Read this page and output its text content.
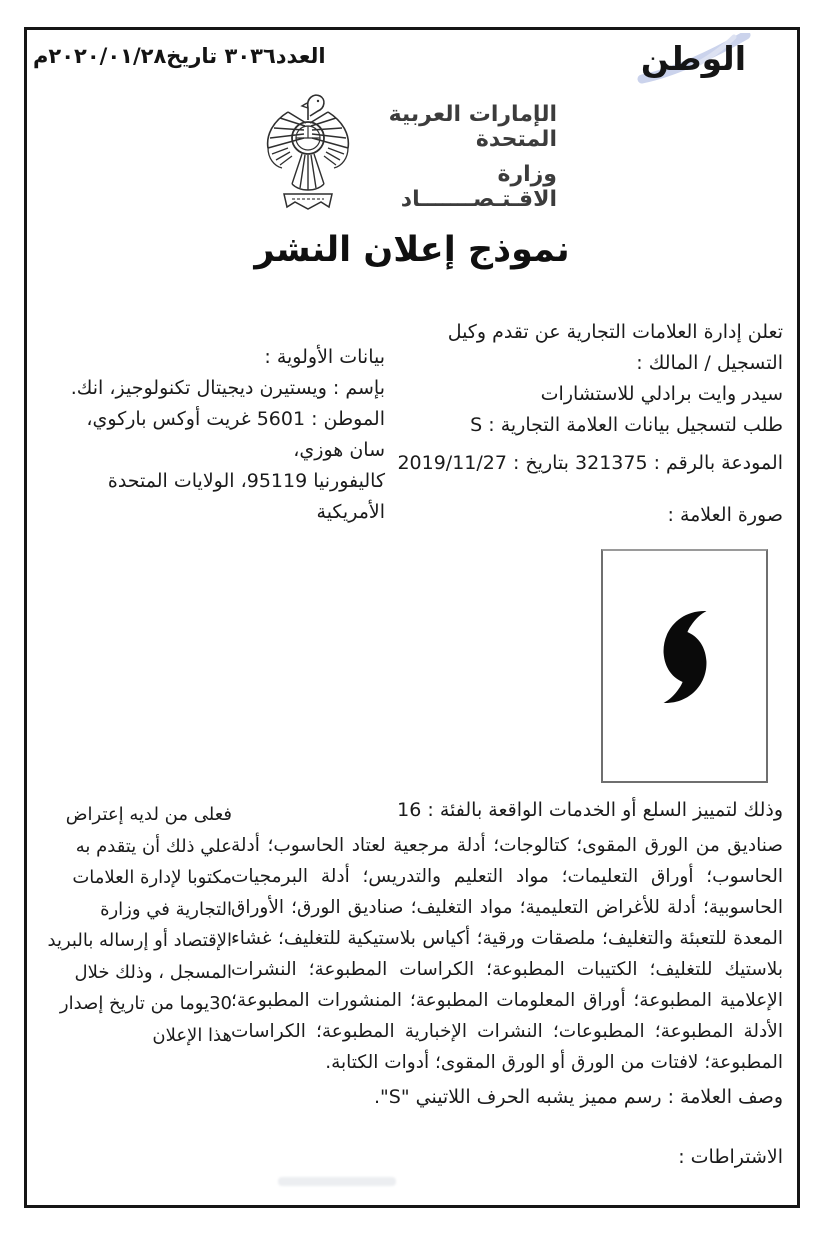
العدد٣٠٣٦ تاريخ٢٠٢٠/٠١/٢٨م	الوطن
الإمارات العربية المتحدة
وزارة الاقـتـصـــــــاد
نموذج إعلان النشر
تعلن إدارة العلامات التجارية عن تقدم وكيل التسجيل / المالك :
سيدر وايت برادلي للاستشارات
طلب لتسجيل بيانات العلامة التجارية : S
بيانات الأولوية :
بإسم : ويستيرن ديجيتال تكنولوجيز، انك.
الموطن : 5601 غريت أوكس باركوي، سان هوزي،
كاليفورنيا 95119، الولايات المتحدة الأمريكية
المودعة بالرقم : 321375 بتاريخ : 2019/11/27
صورة العلامة :
وذلك لتمييز السلع أو الخدمات الواقعة بالفئة : 16
صناديق من الورق المقوى؛ كتالوجات؛ أدلة مرجعية لعتاد الحاسوب؛ أدلة الحاسوب؛ أوراق التعليمات؛ مواد التعليم والتدريس؛ أدلة البرمجيات الحاسوبية؛ أدلة للأغراض التعليمية؛ مواد التغليف؛ صناديق الورق؛ الأوراق المعدة للتعبئة والتغليف؛ ملصقات ورقية؛ أكياس بلاستيكية للتغليف؛ غشاء بلاستيك للتغليف؛ الكتيبات المطبوعة؛ الكراسات المطبوعة؛ النشرات الإعلامية المطبوعة؛ أوراق المعلومات المطبوعة؛ المنشورات المطبوعة؛ الأدلة المطبوعة؛ المطبوعات؛ النشرات الإخبارية المطبوعة؛ الكراسات المطبوعة؛ لافتات من الورق أو الورق المقوى؛ أدوات الكتابة.
فعلى من لديه إعتراض علي ذلك أن يتقدم به مكتوبا لإدارة العلامات التجارية في وزارة الإقتصاد أو إرساله بالبريد المسجل ، وذلك خلال 30يوما من تاريخ إصدار هذا الإعلان
وصف العلامة : رسم مميز يشبه الحرف اللاتيني "S".
الاشتراطات :
